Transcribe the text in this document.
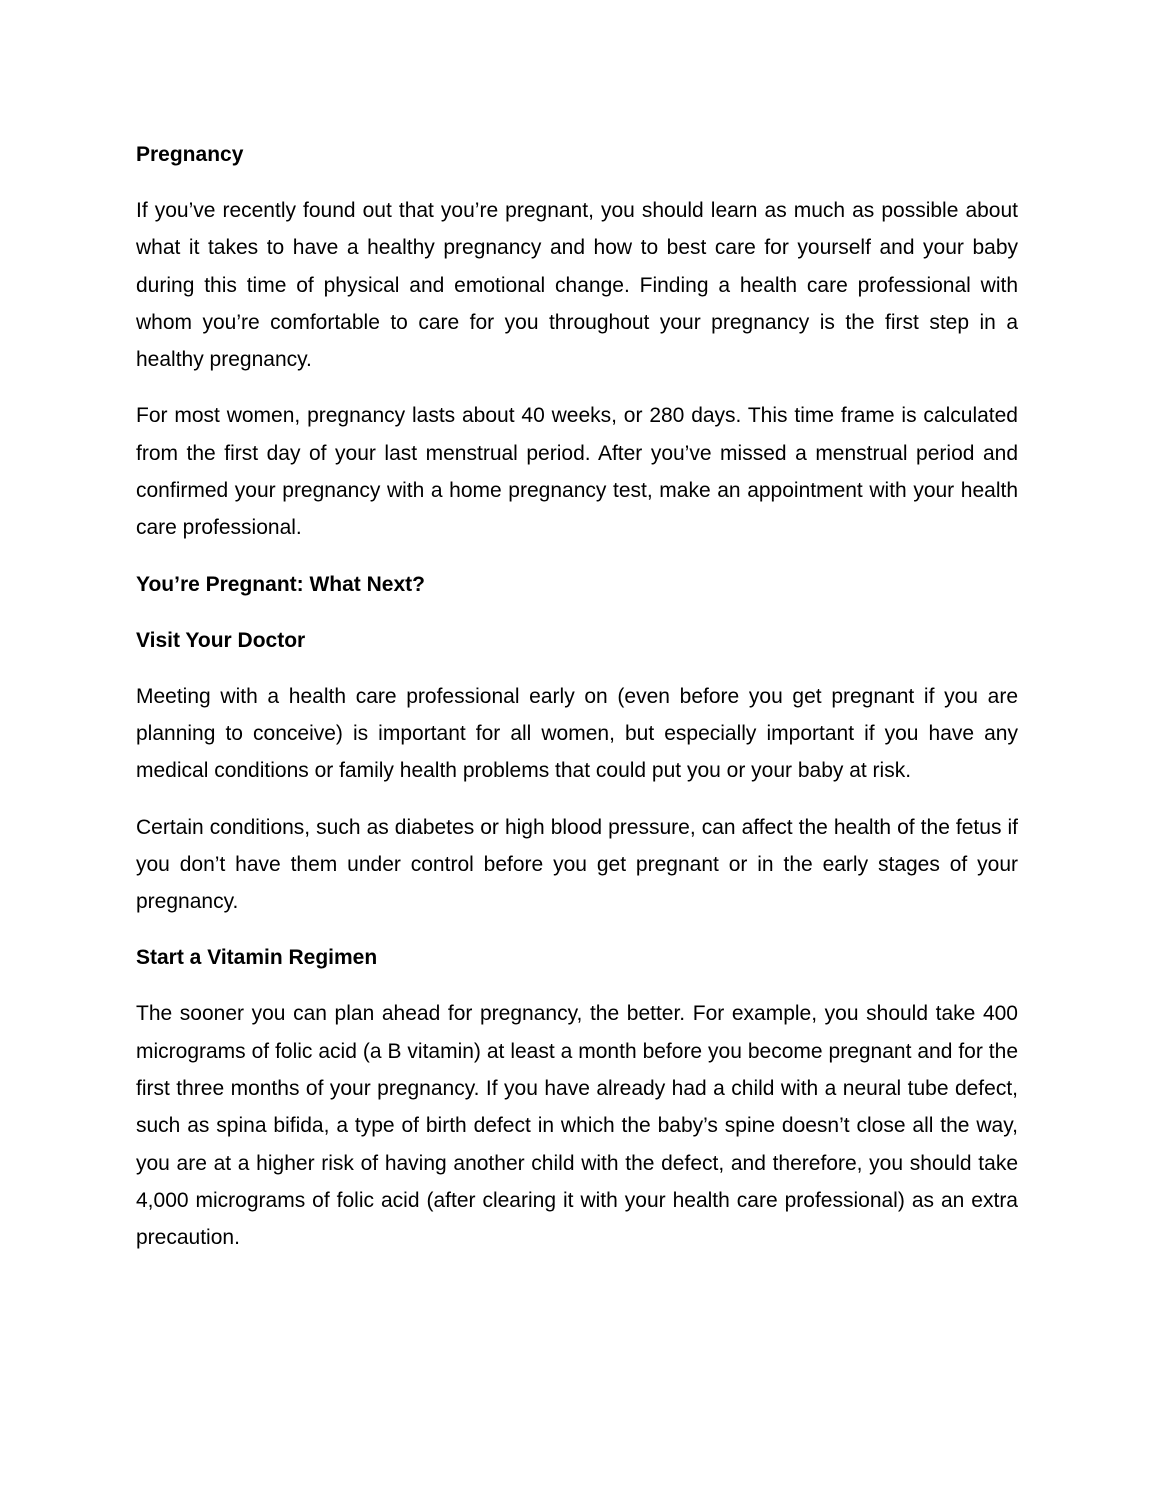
Pregnancy

If you’ve recently found out that you’re pregnant, you should learn as much as possible about what it takes to have a healthy pregnancy and how to best care for yourself and your baby during this time of physical and emotional change. Finding a health care professional with whom you’re comfortable to care for you throughout your pregnancy is the first step in a healthy pregnancy.

For most women, pregnancy lasts about 40 weeks, or 280 days. This time frame is calculated from the first day of your last menstrual period. After you’ve missed a menstrual period and confirmed your pregnancy with a home pregnancy test, make an appointment with your health care professional.

You’re Pregnant: What Next?
Visit Your Doctor

Meeting with a health care professional early on (even before you get pregnant if you are planning to conceive) is important for all women, but especially important if you have any medical conditions or family health problems that could put you or your baby at risk.

Certain conditions, such as diabetes or high blood pressure, can affect the health of the fetus if you don’t have them under control before you get pregnant or in the early stages of your pregnancy.

Start a Vitamin Regimen

The sooner you can plan ahead for pregnancy, the better. For example, you should take 400 micrograms of folic acid (a B vitamin) at least a month before you become pregnant and for the first three months of your pregnancy. If you have already had a child with a neural tube defect, such as spina bifida, a type of birth defect in which the baby’s spine doesn’t close all the way, you are at a higher risk of having another child with the defect, and therefore, you should take 4,000 micrograms of folic acid (after clearing it with your health care professional) as an extra precaution.
